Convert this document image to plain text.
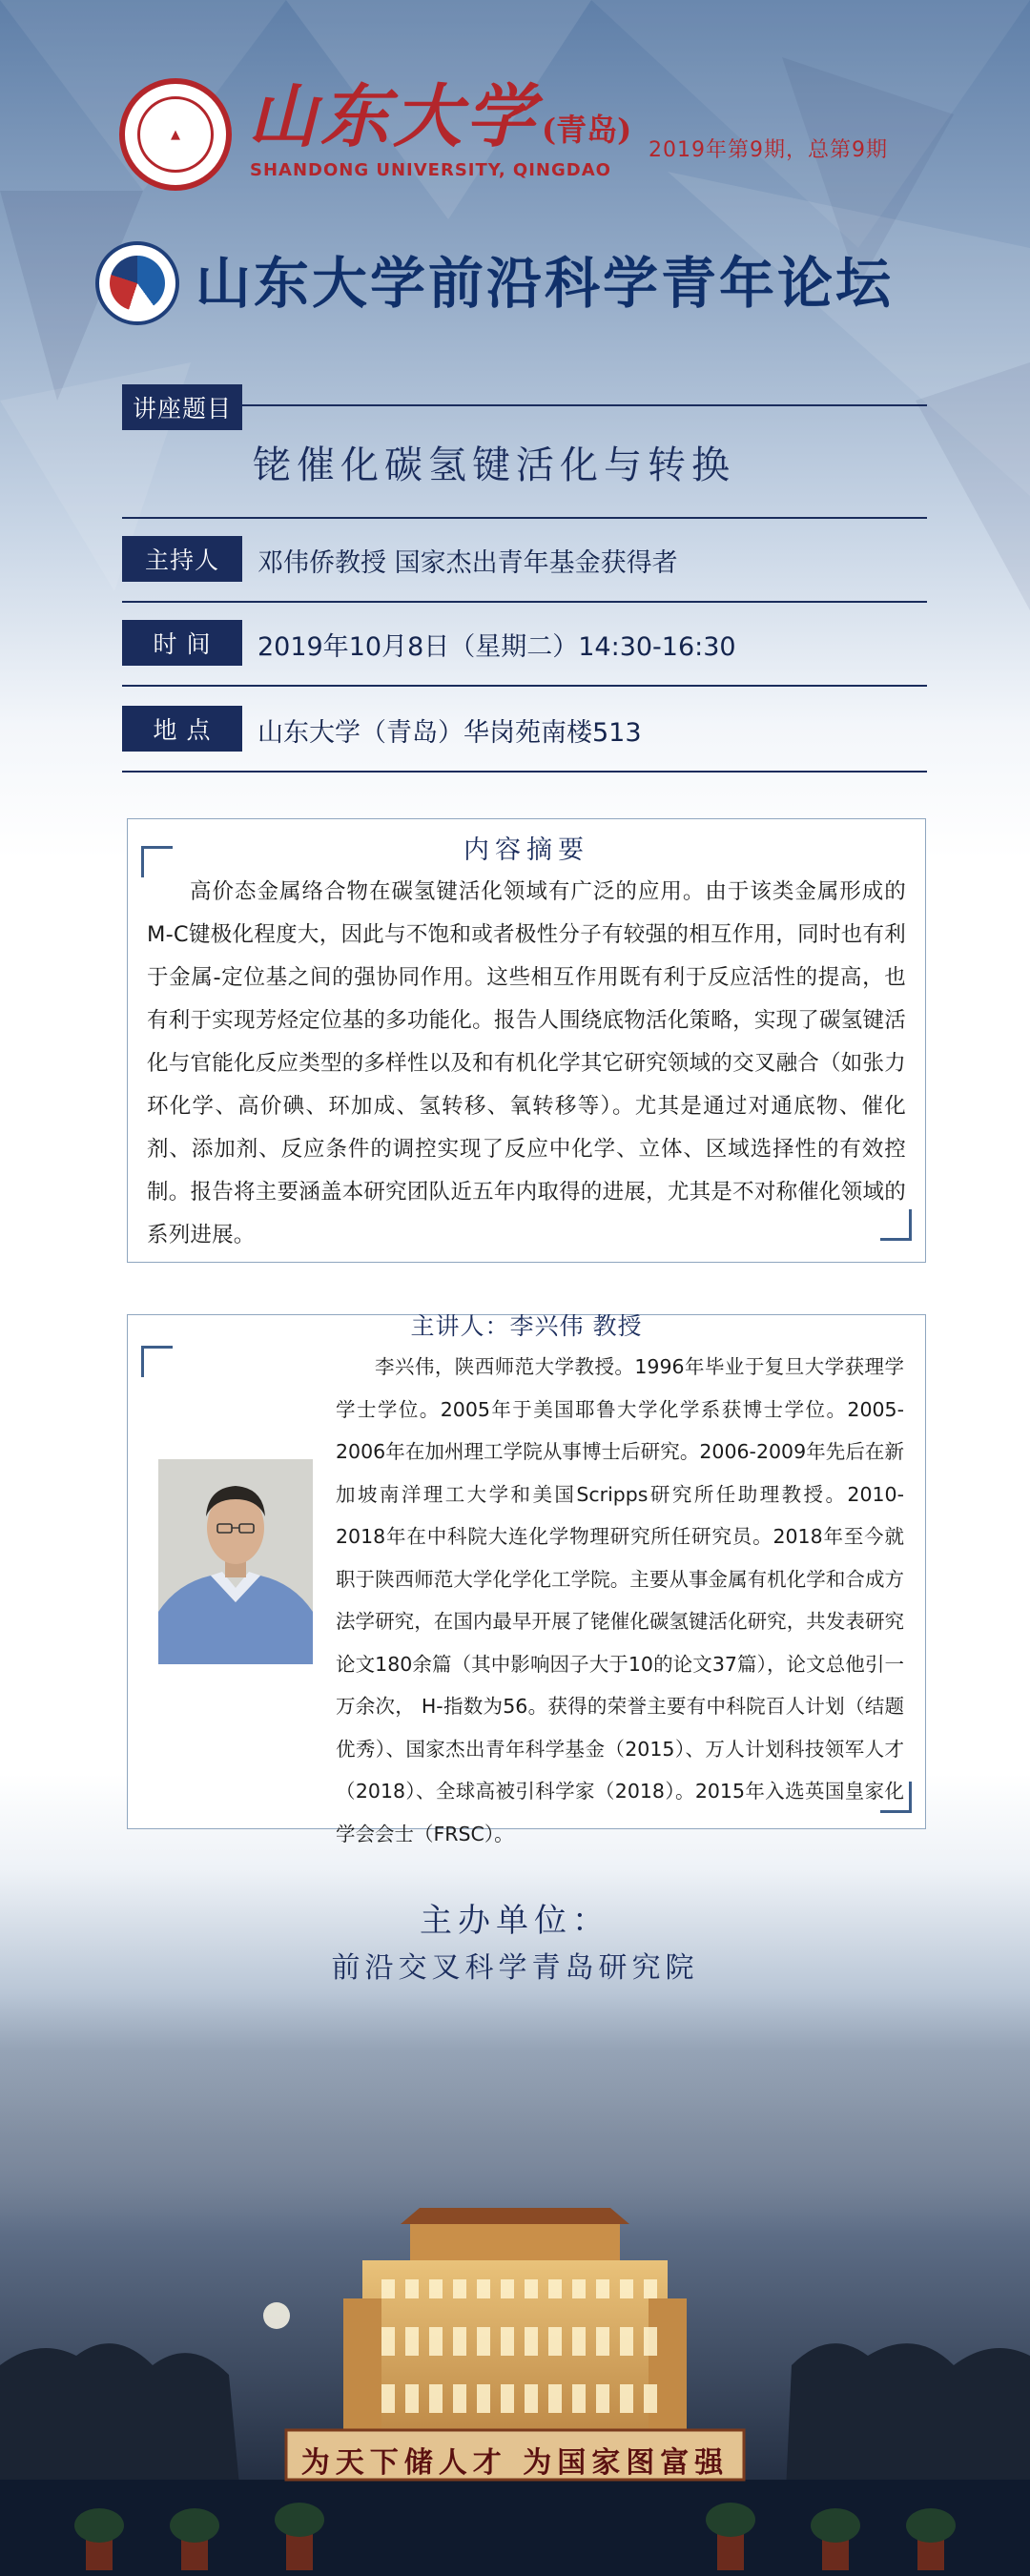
▲ 山东大学 (青岛)
SHANDONG UNIVERSITY, QINGDAO
2019年第9期，总第9期
山东大学前沿科学青年论坛
讲座题目
铑催化碳氢键活化与转换
主持人	邓伟侨教授 国家杰出青年基金获得者
时 间	2019年10月8日（星期二）14:30-16:30
地 点	山东大学（青岛）华岗苑南楼513
内容摘要
高价态金属络合物在碳氢键活化领域有广泛的应用。由于该类金属形成的M-C键极化程度大，因此与不饱和或者极性分子有较强的相互作用，同时也有利于金属-定位基之间的强协同作用。这些相互作用既有利于反应活性的提高，也有利于实现芳烃定位基的多功能化。报告人围绕底物活化策略，实现了碳氢键活化与官能化反应类型的多样性以及和有机化学其它研究领域的交叉融合（如张力环化学、高价碘、环加成、氢转移、氧转移等）。尤其是通过对通底物、催化剂、添加剂、反应条件的调控实现了反应中化学、立体、区域选择性的有效控制。报告将主要涵盖本研究团队近五年内取得的进展，尤其是不对称催化领域的系列进展。
主讲人：李兴伟 教授
李兴伟，陕西师范大学教授。1996年毕业于复旦大学获理学学士学位。2005年于美国耶鲁大学化学系获博士学位。2005-2006年在加州理工学院从事博士后研究。2006-2009年先后在新加坡南洋理工大学和美国Scripps研究所任助理教授。2010-2018年在中科院大连化学物理研究所任研究员。2018年至今就职于陕西师范大学化学化工学院。主要从事金属有机化学和合成方法学研究，在国内最早开展了铑催化碳氢键活化研究，共发表研究论文180余篇（其中影响因子大于10的论文37篇），论文总他引一万余次， H-指数为56。获得的荣誉主要有中科院百人计划（结题优秀）、国家杰出青年科学基金（2015）、万人计划科技领军人才（2018）、全球高被引科学家（2018）。2015年入选英国皇家化学会会士（FRSC）。
主办单位：
前沿交叉科学青岛研究院
为天下储人才 为国家图富强
